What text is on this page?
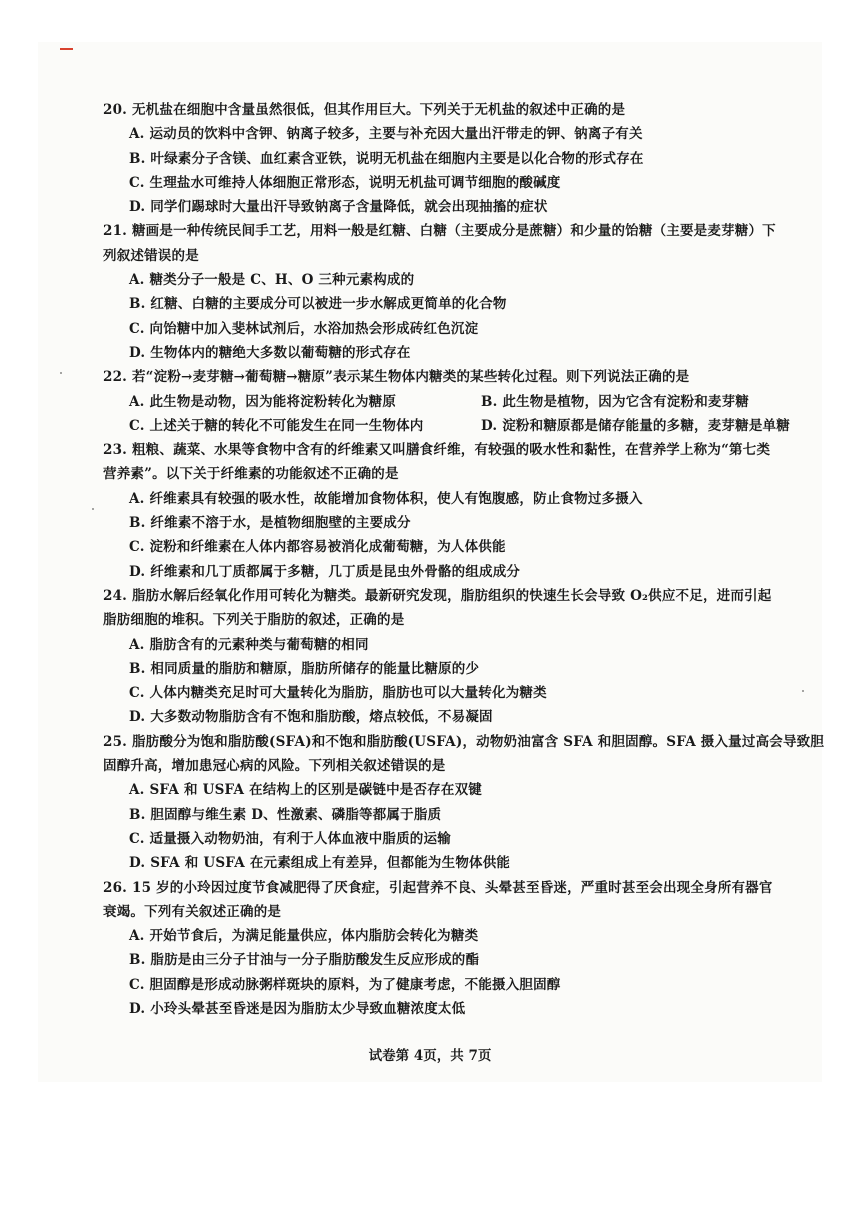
20. 无机盐在细胞中含量虽然很低，但其作用巨大。下列关于无机盐的叙述中正确的是

A. 运动员的饮料中含钾、钠离子较多，主要与补充因大量出汗带走的钾、钠离子有关

B. 叶绿素分子含镁、血红素含亚铁，说明无机盐在细胞内主要是以化合物的形式存在

C. 生理盐水可维持人体细胞正常形态，说明无机盐可调节细胞的酸碱度

D. 同学们踢球时大量出汗导致钠离子含量降低，就会出现抽搐的症状

21. 糖画是一种传统民间手工艺，用料一般是红糖、白糖（主要成分是蔗糖）和少量的饴糖（主要是麦芽糖）下

列叙述错误的是

A. 糖类分子一般是 C、H、O 三种元素构成的

B. 红糖、白糖的主要成分可以被进一步水解成更简单的化合物

C. 向饴糖中加入斐林试剂后，水浴加热会形成砖红色沉淀

D. 生物体内的糖绝大多数以葡萄糖的形式存在

22. 若“淀粉→麦芽糖→葡萄糖→糖原”表示某生物体内糖类的某些转化过程。则下列说法正确的是

A. 此生物是动物，因为能将淀粉转化为糖原	B. 此生物是植物，因为它含有淀粉和麦芽糖
C. 上述关于糖的转化不可能发生在同一生物体内	D. 淀粉和糖原都是储存能量的多糖，麦芽糖是单糖

23. 粗粮、蔬菜、水果等食物中含有的纤维素又叫膳食纤维，有较强的吸水性和黏性，在营养学上称为“第七类

营养素”。以下关于纤维素的功能叙述不正确的是

A. 纤维素具有较强的吸水性，故能增加食物体积，使人有饱腹感，防止食物过多摄入

B. 纤维素不溶于水，是植物细胞壁的主要成分

C. 淀粉和纤维素在人体内都容易被消化成葡萄糖，为人体供能

D. 纤维素和几丁质都属于多糖，几丁质是昆虫外骨骼的组成成分

24. 脂肪水解后经氧化作用可转化为糖类。最新研究发现，脂肪组织的快速生长会导致 O₂供应不足，进而引起

脂肪细胞的堆积。下列关于脂肪的叙述，正确的是

A. 脂肪含有的元素种类与葡萄糖的相同

B. 相同质量的脂肪和糖原，脂肪所储存的能量比糖原的少

C. 人体内糖类充足时可大量转化为脂肪，脂肪也可以大量转化为糖类

D. 大多数动物脂肪含有不饱和脂肪酸，熔点较低，不易凝固

25. 脂肪酸分为饱和脂肪酸(SFA)和不饱和脂肪酸(USFA)，动物奶油富含 SFA 和胆固醇。SFA 摄入量过高会导致胆

固醇升高，增加患冠心病的风险。下列相关叙述错误的是

A. SFA 和 USFA 在结构上的区别是碳链中是否存在双键

B. 胆固醇与维生素 D、性激素、磷脂等都属于脂质

C. 适量摄入动物奶油，有利于人体血液中脂质的运输

D. SFA 和 USFA 在元素组成上有差异，但都能为生物体供能

26. 15 岁的小玲因过度节食减肥得了厌食症，引起营养不良、头晕甚至昏迷，严重时甚至会出现全身所有器官

衰竭。下列有关叙述正确的是

A. 开始节食后，为满足能量供应，体内脂肪会转化为糖类

B. 脂肪是由三分子甘油与一分子脂肪酸发生反应形成的酯

C. 胆固醇是形成动脉粥样斑块的原料，为了健康考虑，不能摄入胆固醇

D. 小玲头晕甚至昏迷是因为脂肪太少导致血糖浓度太低

试卷第 4页，共 7页
